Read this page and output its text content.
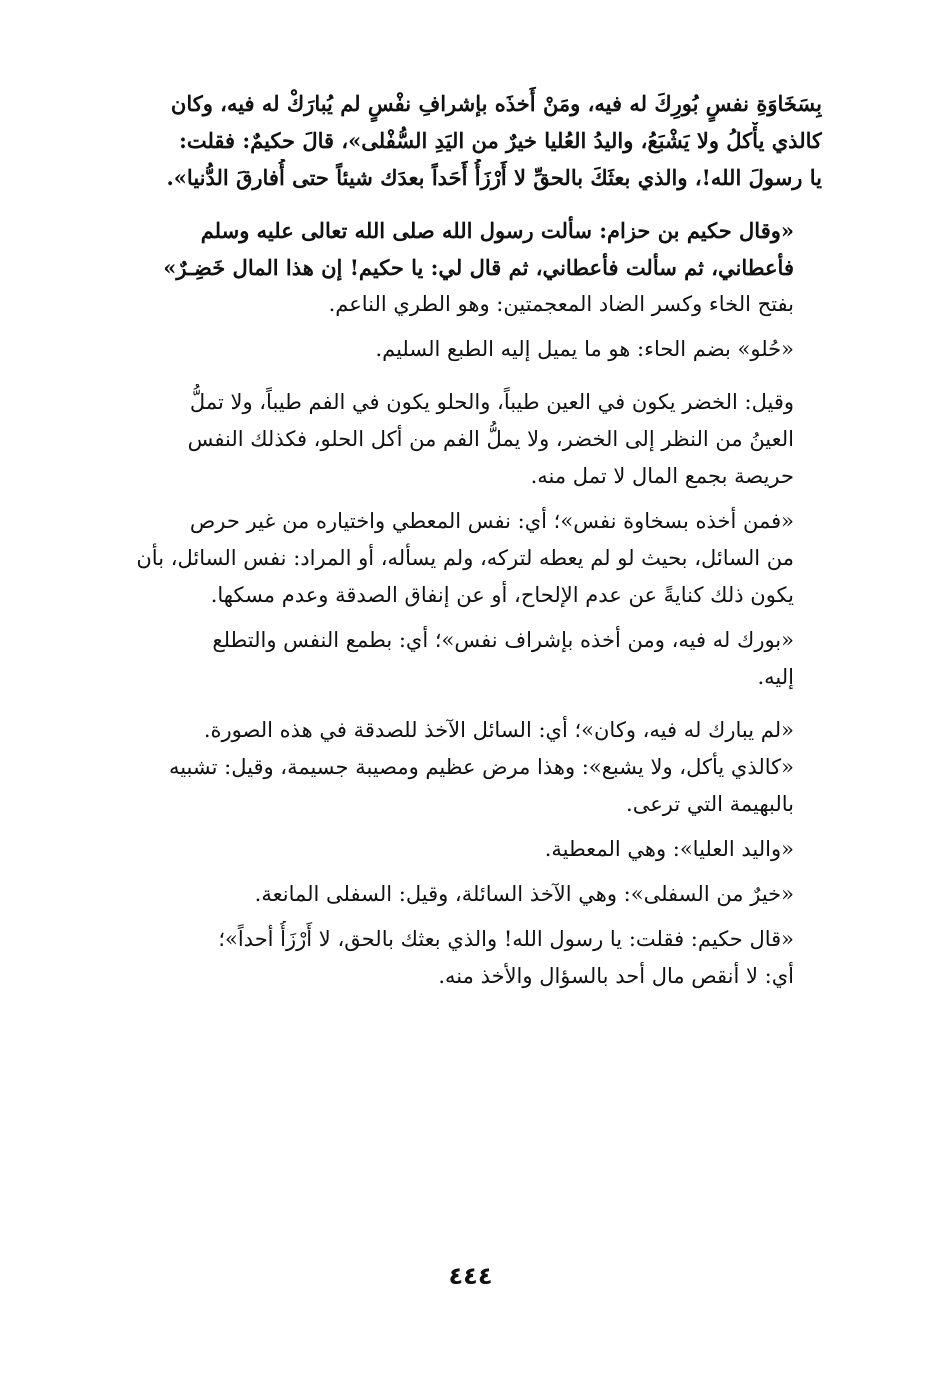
بِسَخَاوَةِ نفسٍ بُورِكَ له فيه، ومَنْ أَخذَه بإشرافِ نفْسٍ لم يُبارَكْ له فيه، وكان

كالذي يأْكلُ ولا يَشْبَعُ، واليدُ العُليا خيرٌ من اليَدِ السُّفْلى»، قالَ حكيمٌ: فقلت:

يا رسولَ الله!، والذي بعثَكَ بالحقِّ لا أَرْزَأُ أَحَداً بعدَك شيئاً حتى أُفارقَ الدُّنيا».

«وقال حكيم بن حزام: سألت رسول الله صلى الله تعالى عليه وسلم

فأعطاني، ثم سألت فأعطاني، ثم قال لي: يا حكيم! إن هذا المال خَضِـرٌ»

بفتح الخاء وكسر الضاد المعجمتين: وهو الطري الناعم.

«حُلو» بضم الحاء: هو ما يميل إليه الطبع السليم.

وقيل: الخضر يكون في العين طيباً، والحلو يكون في الفم طيباً، ولا تملُّ

العينُ من النظر إلى الخضر، ولا يملُّ الفم من أكل الحلو، فكذلك النفس

حريصة بجمع المال لا تمل منه.

«فمن أخذه بسخاوة نفس»؛ أي: نفس المعطي واختياره من غير حرص

من السائل، بحيث لو لم يعطه لتركه، ولم يسأله، أو المراد: نفس السائل، بأن

يكون ذلك كنايةً عن عدم الإلحاح، أو عن إنفاق الصدقة وعدم مسكها.

«بورك له فيه، ومن أخذه بإشراف نفس»؛ أي: بطمع النفس والتطلع

إليه.

«لم يبارك له فيه، وكان»؛ أي: السائل الآخذ للصدقة في هذه الصورة.

«كالذي يأكل، ولا يشبع»: وهذا مرض عظيم ومصيبة جسيمة، وقيل: تشبيه

بالبهيمة التي ترعى.

«واليد العليا»: وهي المعطية.

«خيرٌ من السفلى»: وهي الآخذ السائلة، وقيل: السفلى المانعة.

«قال حكيم: فقلت: يا رسول الله! والذي بعثك بالحق، لا أَرْزَأُ أحداً»؛

أي: لا أنقص مال أحد بالسؤال والأخذ منه.

٤٤٤
